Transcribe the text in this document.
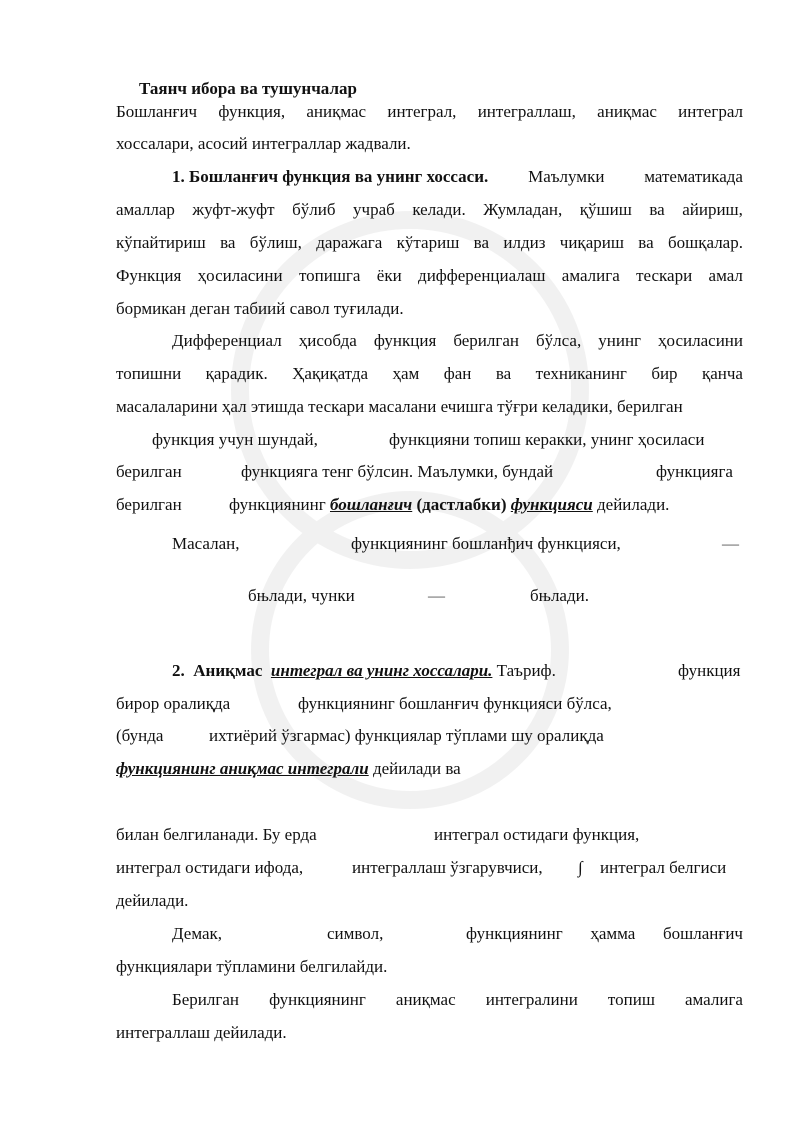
Таянч ибора ва тушунчалар
Бошланғич функция, аниқмас интеграл, интеграллаш, аниқмас интеграл
хоссалари, асосий интеграллар жадвали.
1. Бошланғич функция ва унинг хоссаси. Маълумки математикада
амаллар жуфт-жуфт бўлиб учраб келади. Жумладан, қўшиш ва айириш,
кўпайтириш ва бўлиш, даражага кўтариш ва илдиз чиқариш ва бошқалар.
Функция ҳосиласини топишга ёки дифференциалаш амалига тескари амал
бормикан деган табиий савол туғилади.
Дифференциал ҳисобда функция берилган бўлса, унинг ҳосиласини
топишни қарадик. Ҳақиқатда ҳам фан ва техниканинг бир қанча
масалаларини ҳал этишда тескари масалани ечишга тўғри келадики, берилган
функция учун шундай,	функцияни топиш керакки, унинг ҳосиласи
берилган	функцияга тенг бўлсин. Маълумки, бундай	функцияга
берилган	функциянинг бошланғич (дастлабки) функцияси дейилади.
Масалан,	функциянинг бошланђич функцияси,	—
бњлади, чунки	—	бњлади.
2. Аниқмас интеграл ва унинг хоссалари. Таъриф.	функция
бирор оралиқда	функциянинг бошланғич функцияси бўлса,
(бунда	ихтиёрий ўзгармас) функциялар тўплами шу оралиқда
функциянинг аниқмас интеграли дейилади ва
билан белгиланади. Бу ерда	интеграл остидаги функция,
интеграл остидаги ифода,	интеграллаш ўзгарувчиси, ∫ интеграл белгиси
дейилади.
Демак,	символ,	функциянинг ҳамма бошланғич
функциялари тўпламини белгилайди.
Берилган функциянинг аниқмас интегралини топиш амалига
интеграллаш дейилади.
